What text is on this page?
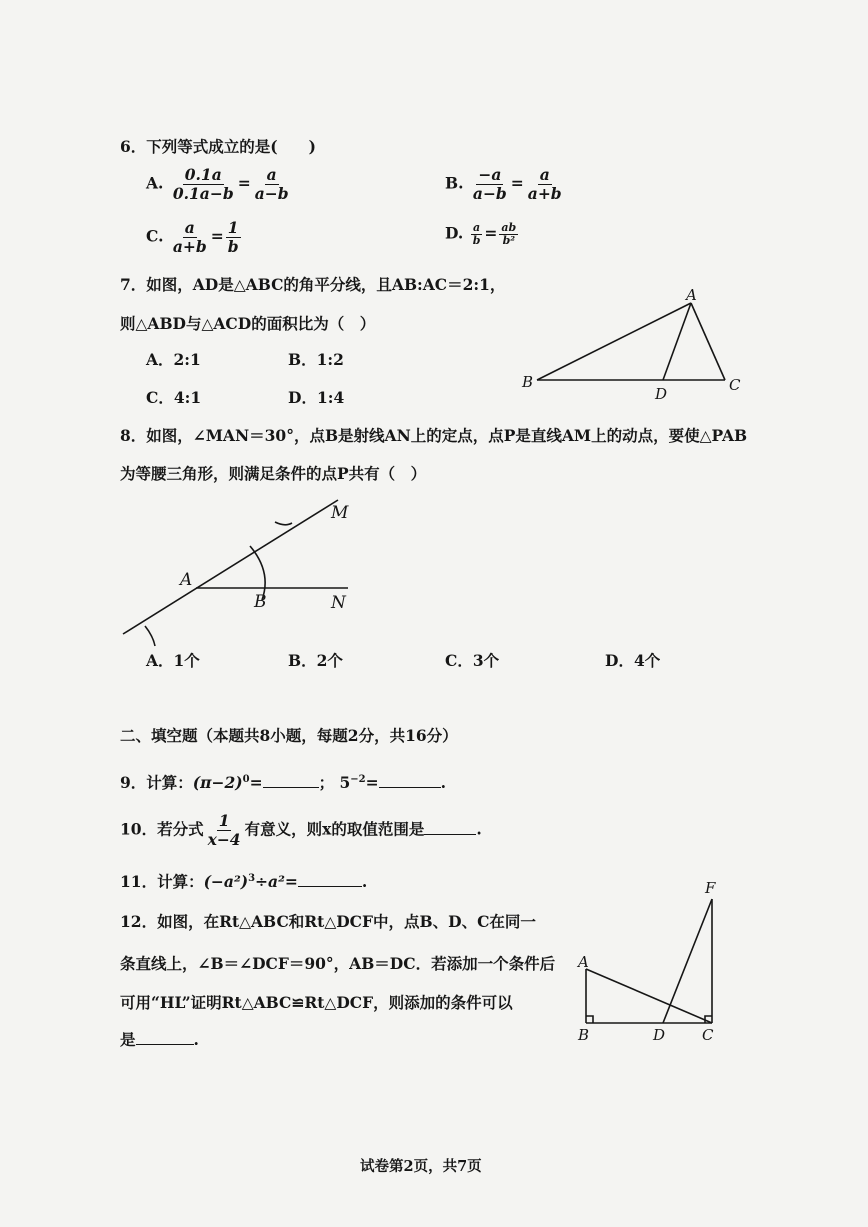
6．下列等式成立的是(　　)
A. $\frac{0.1a}{0.1a-b} = \frac{a}{a-b}$	B. $\frac{-a}{a-b} = \frac{a}{a+b}$
C. $\frac{a}{a+b} = \frac{1}{b}$	D. $\frac{a}{b} = \frac{ab}{\text{b²}}$
7．如图，AD是△ABC的角平分线，且AB:AC＝2:1，
则△ABD与△ACD的面积比为（　）
A．2:1	B．1:2
C．4:1	D．1:4
A
B	C
D
8．如图，∠MAN＝30°，点B是射线AN上的定点，点P是直线AM上的动点，要使△PAB
为等腰三角形，则满足条件的点P共有（　）
A
B
M
N
A．1个	B．2个	C．3个	D．4个
二、填空题（本题共8小题，每题2分，共16分）
9．计算：$(\pi-2)^0=$	； $5^{-2}=$	.
10．若分式 $\frac{1}{x-4}$ 有意义，则x的取值范围是	.
11．计算：$(-a^2)^3\div a^2=$	.
12．如图，在Rt△ABC和Rt△DCF中，点B、D、C在同一
条直线上，∠B＝∠DCF＝90°，AB＝DC．若添加一个条件后
可用“HL”证明Rt△ABC≌Rt△DCF，则添加的条件可以
是	.
F
A
B	D C
试卷第2页，共7页
